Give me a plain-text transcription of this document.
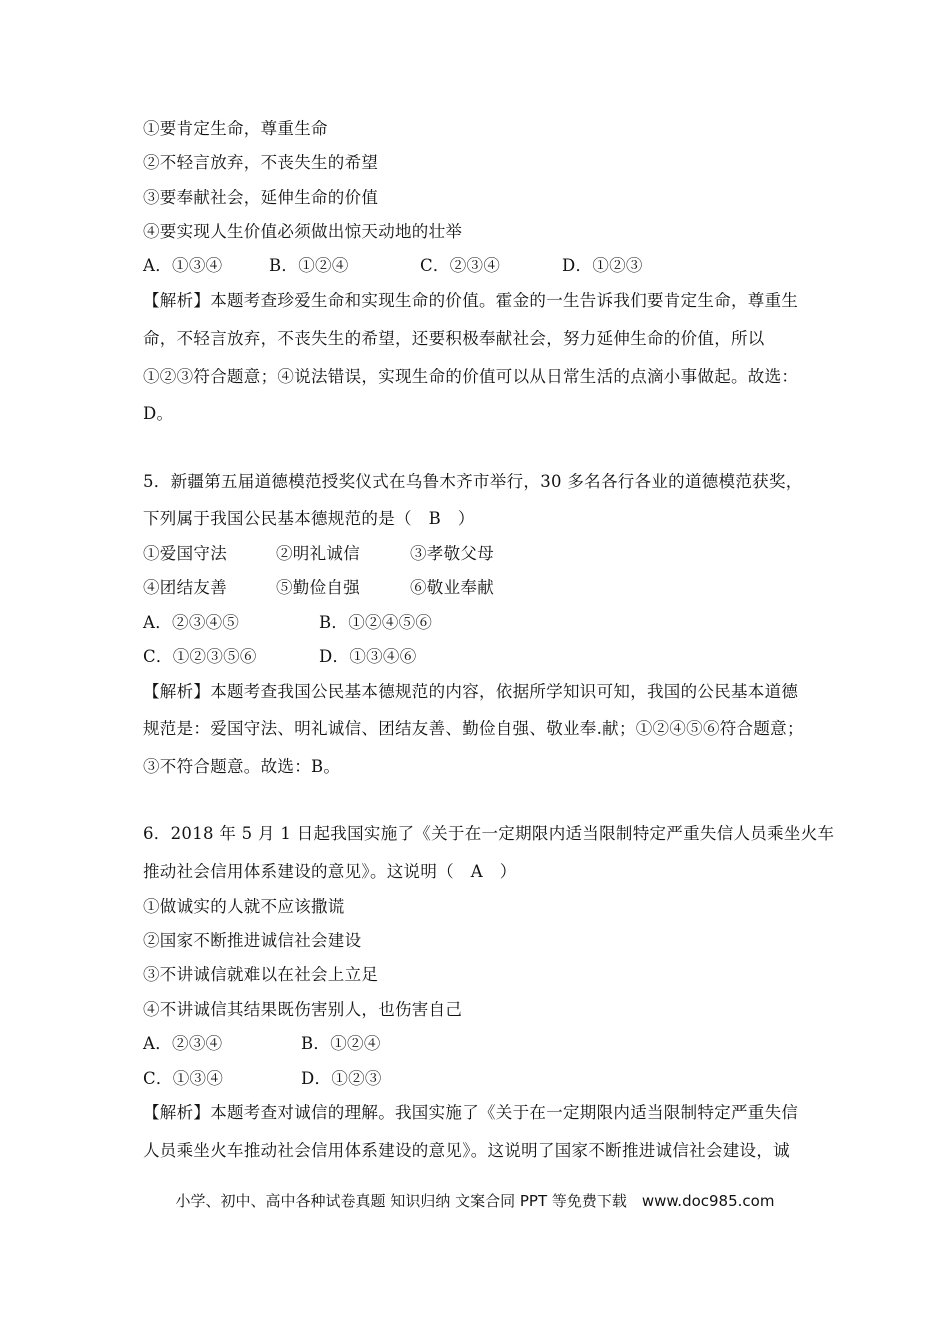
①要肯定生命，尊重生命
②不轻言放弃，不丧失生的希望
③要奉献社会，延伸生命的价值
④要实现人生价值必须做出惊天动地的壮举
A．①③④	B．①②④	C．②③④	D．①②③
【解析】本题考查珍爱生命和实现生命的价值。霍金的一生告诉我们要肯定生命，尊重生
命，不轻言放弃，不丧失生的希望，还要积极奉献社会，努力延伸生命的价值，所以
①②③符合题意；④说法错误，实现生命的价值可以从日常生活的点滴小事做起。故选：
D。
5．新疆第五届道德模范授奖仪式在乌鲁木齐市举行，30 多名各行各业的道德模范获奖，
下列属于我国公民基本德规范的是（　B　）
①爱国守法	②明礼诚信	③孝敬父母
④团结友善	⑤勤俭自强	⑥敬业奉献
A．②③④⑤	B．①②④⑤⑥
C．①②③⑤⑥	D．①③④⑥
【解析】本题考查我国公民基本德规范的内容，依据所学知识可知，我国的公民基本道德
规范是：爱国守法、明礼诚信、团结友善、勤俭自强、敬业奉.献；①②④⑤⑥符合题意；
③不符合题意。故选：B。
6．2018 年 5 月 1 日起我国实施了《关于在一定期限内适当限制特定严重失信人员乘坐火车
推动社会信用体系建设的意见》。这说明（　A　）
①做诚实的人就不应该撒谎
②国家不断推进诚信社会建设
③不讲诚信就难以在社会上立足
④不讲诚信其结果既伤害别人，也伤害自己
A．②③④	B．①②④
C．①③④	D．①②③
【解析】本题考查对诚信的理解。我国实施了《关于在一定期限内适当限制特定严重失信
人员乘坐火车推动社会信用体系建设的意见》。这说明了国家不断推进诚信社会建设，诚
小学、初中、高中各种试卷真题 知识归纳 文案合同 PPT 等免费下载　www.doc985.com
